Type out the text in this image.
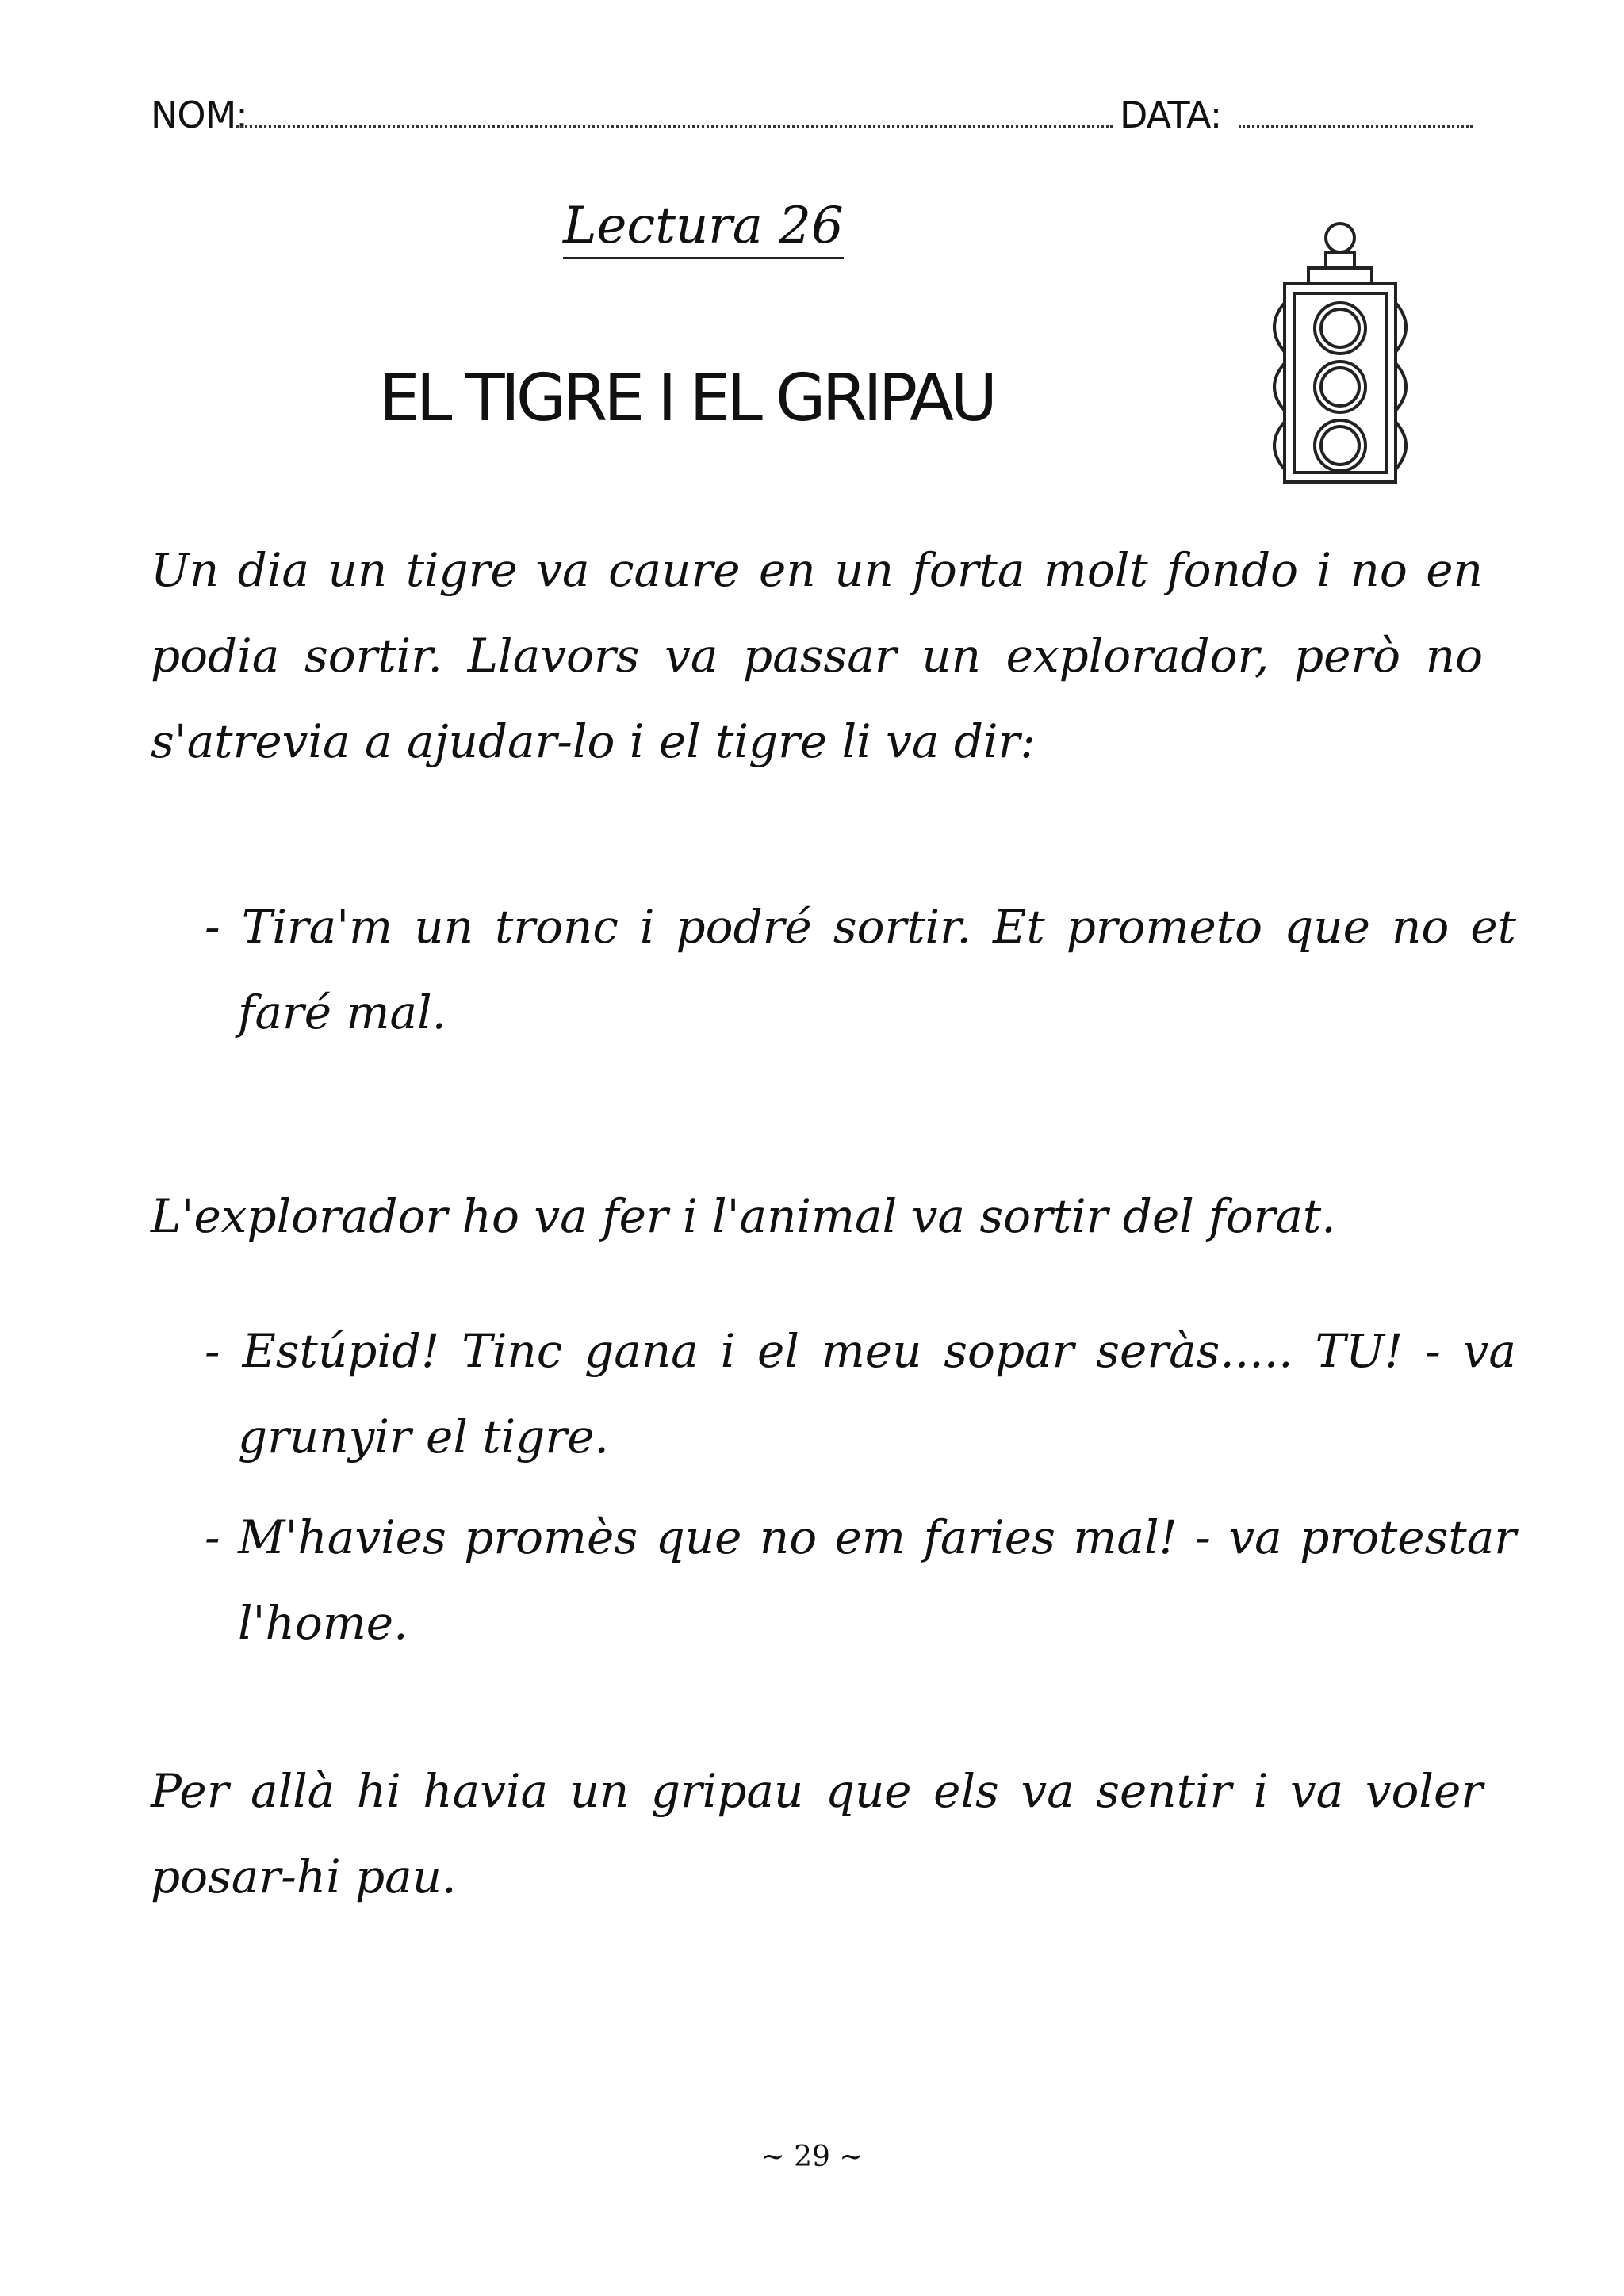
NOM:	DATA:
Lectura 26
EL TIGRE I EL GRIPAU
Un dia un tigre va caure en un forta molt fondo i no en podia sortir. Llavors va passar un explorador, però no s'atrevia a ajudar-lo i el tigre li va dir:
- Tira'm un tronc i podré sortir. Et prometo que no et faré mal.
L'explorador ho va fer i l'animal va sortir del forat.
- Estúpid! Tinc gana i el meu sopar seràs..... TU! - va grunyir el tigre.
- M'havies promès que no em faries mal! - va protestar l'home.
Per allà hi havia un gripau que els va sentir i va voler posar-hi pau.
~ 29 ~
